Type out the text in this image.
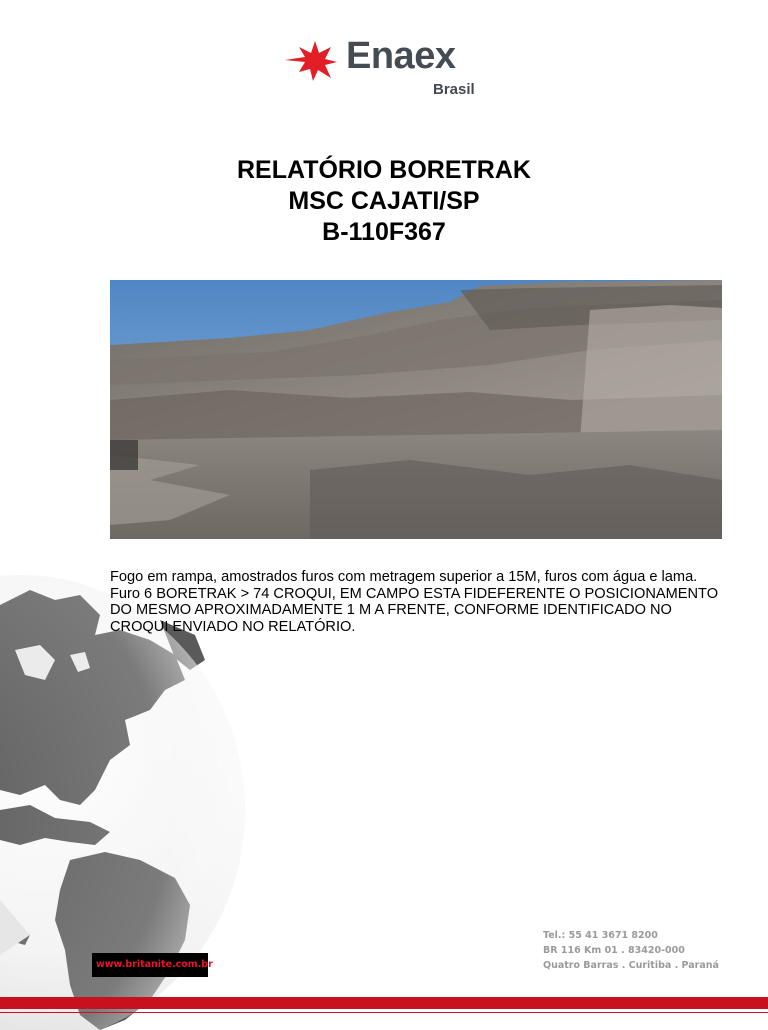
Enaex
Brasil
RELATÓRIO BORETRAK
MSC CAJATI/SP
B-110F367

Fogo em rampa, amostrados furos com metragem superior a 15M, furos com água e lama.

Furo 6 BORETRAK > 74 CROQUI, EM CAMPO ESTA FIDEFERENTE O POSICIONAMENTO DO MESMO APROXIMADAMENTE 1 M A FRENTE, CONFORME IDENTIFICADO NO CROQUI ENVIADO NO RELATÓRIO.

Tel.: 55 41 3671 8200
BR 116 Km 01 . 83420-000
Quatro Barras . Curitiba . Paraná
www.britanite.com.br
